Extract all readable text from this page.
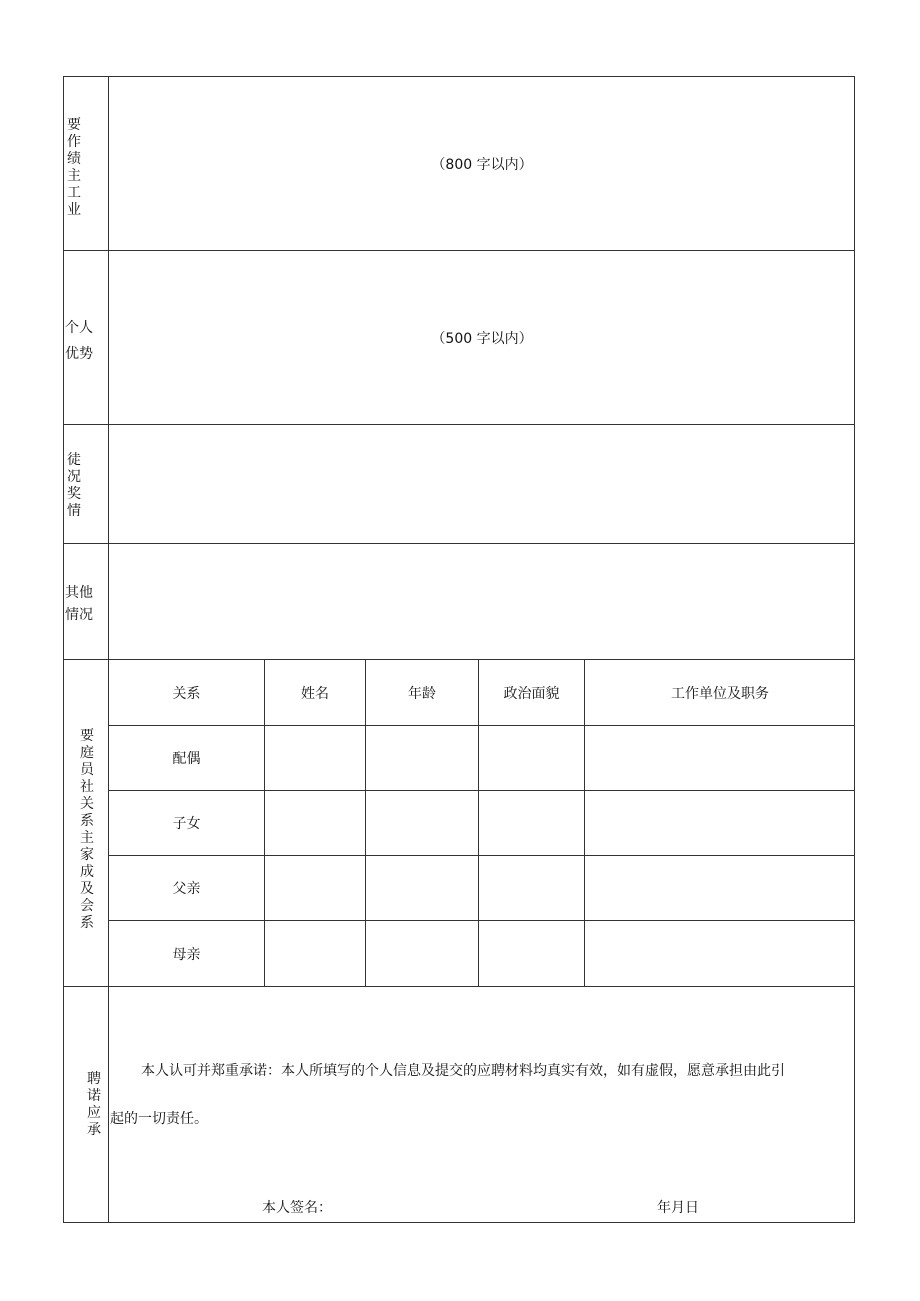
要作绩主工业
（800 字以内）
个人
优势
（500 字以内）
徒况奖情
其他
情况
要庭员社关系主家成及会系
关系	姓名	年龄	政治面貌	工作单位及职务
配偶
子女
父亲
母亲
聘诺应承

本人认可并郑重承诺：本人所填写的个人信息及提交的应聘材料均真实有效，如有虚假，愿意承担由此引

起的一切责任。

本人签名：	年月日
